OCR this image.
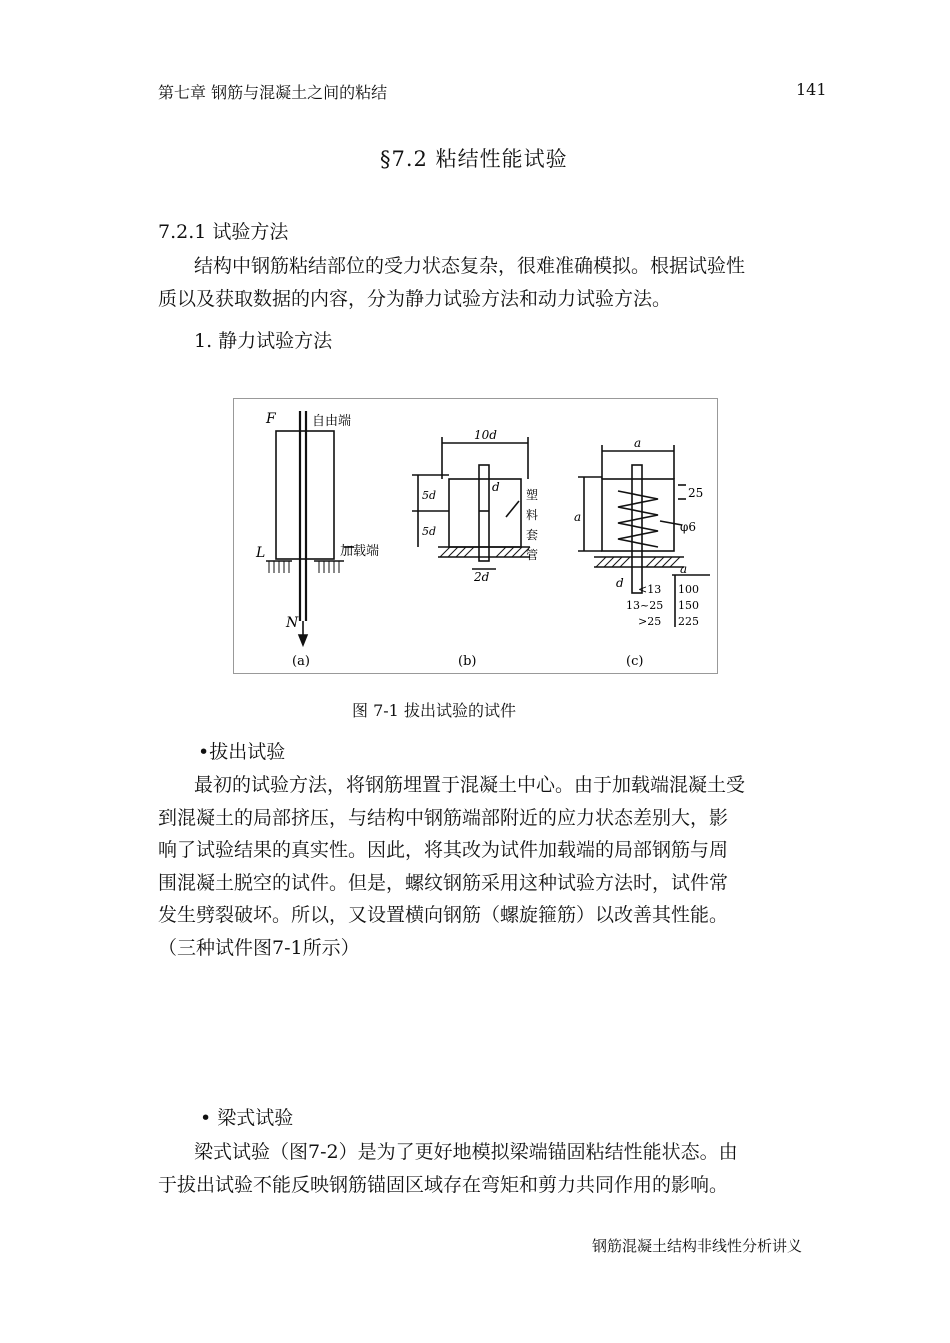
第七章 钢筋与混凝土之间的粘结	141
§7.2 粘结性能试验
7.2.1 试验方法
结构中钢筋粘结部位的受力状态复杂，很难准确模拟。根据试验性
质以及获取数据的内容，分为静力试验方法和动力试验方法。
1. 静力试验方法
F	自由端
L	加载端
N
(a)
10d
d
5d
5d
2d
塑
料
套
管
(b)
a
a
25
φ6
d
a
<13 100
13~25 150
>25 225
(c)
图 7-1 拔出试验的试件
•拔出试验
最初的试验方法，将钢筋埋置于混凝土中心。由于加载端混凝土受
到混凝土的局部挤压，与结构中钢筋端部附近的应力状态差别大，影
响了试验结果的真实性。因此，将其改为试件加载端的局部钢筋与周
围混凝土脱空的试件。但是，螺纹钢筋采用这种试验方法时，试件常
发生劈裂破坏。所以，又设置横向钢筋（螺旋箍筋）以改善其性能。
（三种试件图7-1所示）
• 梁式试验
梁式试验（图7-2）是为了更好地模拟梁端锚固粘结性能状态。由
于拔出试验不能反映钢筋锚固区域存在弯矩和剪力共同作用的影响。
钢筋混凝土结构非线性分析讲义
